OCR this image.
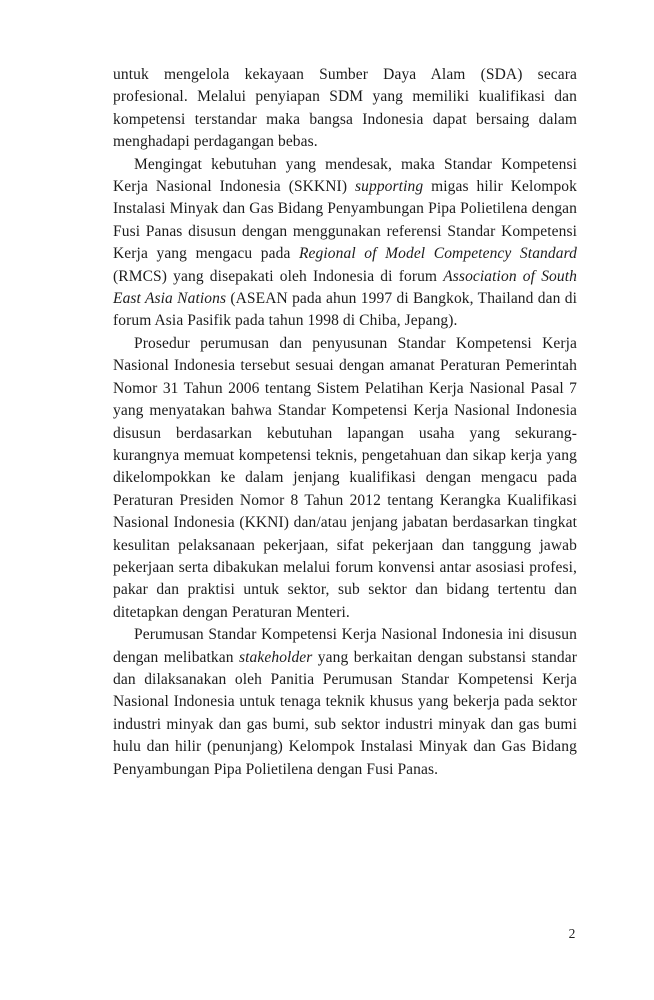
untuk mengelola kekayaan Sumber Daya Alam (SDA) secara profesional. Melalui penyiapan SDM yang memiliki kualifikasi dan kompetensi terstandar maka bangsa Indonesia dapat bersaing dalam menghadapi perdagangan bebas.

Mengingat kebutuhan yang mendesak, maka Standar Kompetensi Kerja Nasional Indonesia (SKKNI) supporting migas hilir Kelompok Instalasi Minyak dan Gas Bidang Penyambungan Pipa Polietilena dengan Fusi Panas disusun dengan menggunakan referensi Standar Kompetensi Kerja yang mengacu pada Regional of Model Competency Standard (RMCS) yang disepakati oleh Indonesia di forum Association of South East Asia Nations (ASEAN pada ahun 1997 di Bangkok, Thailand dan di forum Asia Pasifik pada tahun 1998 di Chiba, Jepang).

Prosedur perumusan dan penyusunan Standar Kompetensi Kerja Nasional Indonesia tersebut sesuai dengan amanat Peraturan Pemerintah Nomor 31 Tahun 2006 tentang Sistem Pelatihan Kerja Nasional Pasal 7 yang menyatakan bahwa Standar Kompetensi Kerja Nasional Indonesia disusun berdasarkan kebutuhan lapangan usaha yang sekurang-kurangnya memuat kompetensi teknis, pengetahuan dan sikap kerja yang dikelompokkan ke dalam jenjang kualifikasi dengan mengacu pada Peraturan Presiden Nomor 8 Tahun 2012 tentang Kerangka Kualifikasi Nasional Indonesia (KKNI) dan/atau jenjang jabatan berdasarkan tingkat kesulitan pelaksanaan pekerjaan, sifat pekerjaan dan tanggung jawab pekerjaan serta dibakukan melalui forum konvensi antar asosiasi profesi, pakar dan praktisi untuk sektor, sub sektor dan bidang tertentu dan ditetapkan dengan Peraturan Menteri.

Perumusan Standar Kompetensi Kerja Nasional Indonesia ini disusun dengan melibatkan stakeholder yang berkaitan dengan substansi standar dan dilaksanakan oleh Panitia Perumusan Standar Kompetensi Kerja Nasional Indonesia untuk tenaga teknik khusus yang bekerja pada sektor industri minyak dan gas bumi, sub sektor industri minyak dan gas bumi hulu dan hilir (penunjang) Kelompok Instalasi Minyak dan Gas Bidang Penyambungan Pipa Polietilena dengan Fusi Panas.

2
